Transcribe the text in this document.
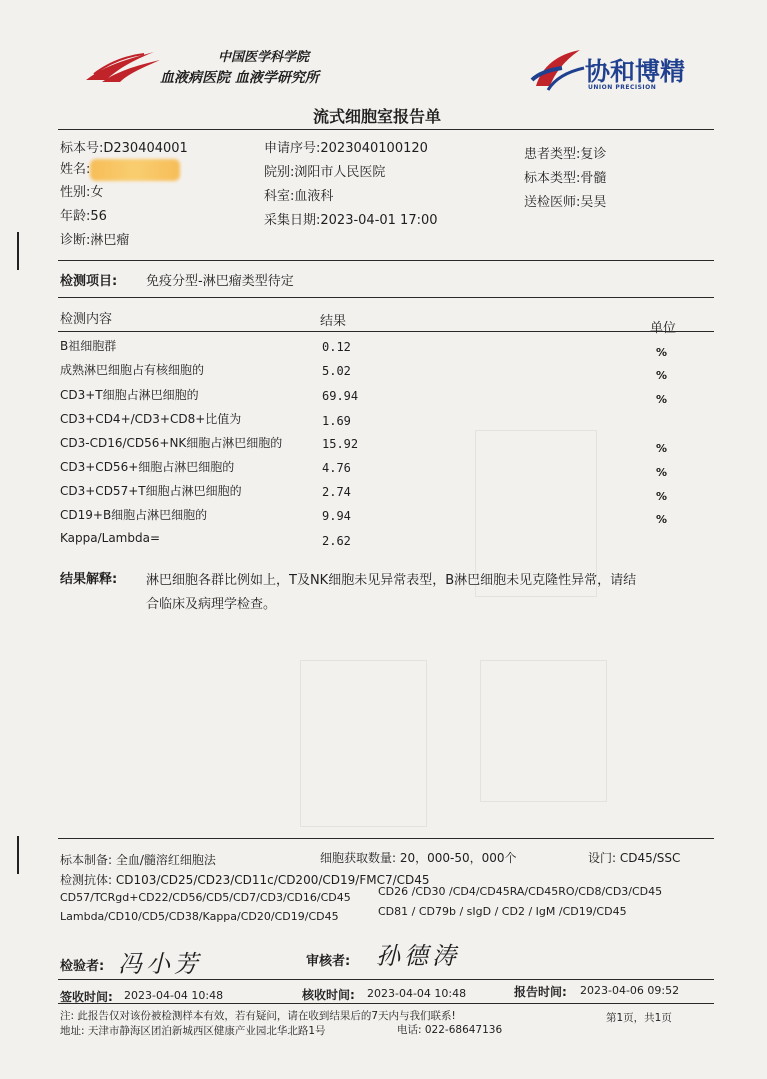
中国医学科学院
血液病医院 血液学研究所	协和博精
UNION PRECISION
流式细胞室报告单
标本号:D230404001
姓名:
性别:女
年龄:56
诊断:淋巴瘤
申请序号:2023040100120
院别:浏阳市人民医院
科室:血液科
采集日期:2023-04-01 17:00
患者类型:复诊
标本类型:骨髓
送检医师:吴昊
检测项目: 免疫分型-淋巴瘤类型待定
检测内容	结果	单位
B祖细胞群	0.12	%
成熟淋巴细胞占有核细胞的	5.02	%
CD3+T细胞占淋巴细胞的	69.94	%
CD3+CD4+/CD3+CD8+比值为	1.69
CD3-CD16/CD56+NK细胞占淋巴细胞的	15.92	%
CD3+CD56+细胞占淋巴细胞的	4.76	%
CD3+CD57+T细胞占淋巴细胞的	2.74	%
CD19+B细胞占淋巴细胞的	9.94	%
Kappa/Lambda=	2.62
结果解释: 淋巴细胞各群比例如上，T及NK细胞未见异常表型，B淋巴细胞未见克隆性异常，请结
合临床及病理学检查。
标本制备: 全血/髓溶红细胞法	细胞获取数量: 20，000-50，000个	设门: CD45/SSC
检测抗体: CD103/CD25/CD23/CD11c/CD200/CD19/FMC7/CD45
CD57/TCRgd+CD22/CD56/CD5/CD7/CD3/CD16/CD45 CD26 /CD30 /CD4/CD45RA/CD45RO/CD8/CD3/CD45
Lambda/CD10/CD5/CD38/Kappa/CD20/CD19/CD45	CD81 / CD79b / sIgD / CD2 / IgM /CD19/CD45
检验者: 冯小芳	审核者: 孙德涛
签收时间: 2023-04-04 10:48	核收时间: 2023-04-04 10:48	报告时间: 2023-04-06 09:52
注: 此报告仅对该份被检测样本有效，若有疑问，请在收到结果后的7天内与我们联系!
地址: 天津市静海区团泊新城西区健康产业园北华北路1号	电话: 022-68647136
第1页，共1页
